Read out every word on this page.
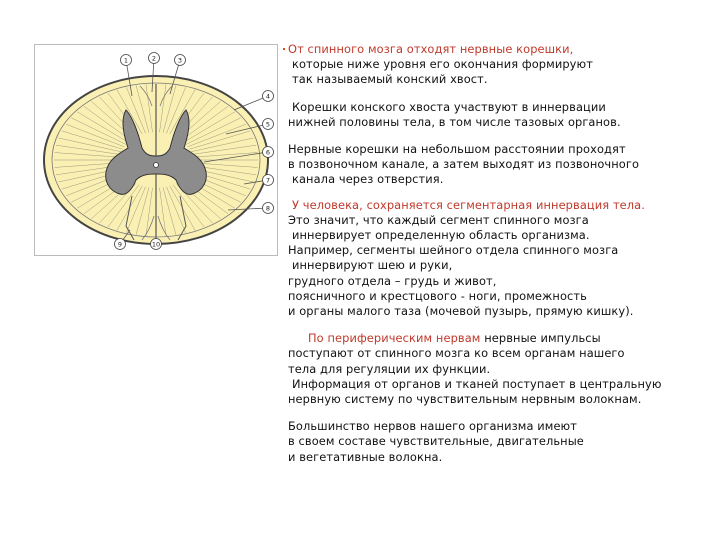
1	2	3
4
5
6
7
8
9	10
От спинного мозга отходят нервные корешки,
которые ниже уровня его окончания формируют
так называемый конский хвост.
Корешки конского хвоста участвуют в иннервации
нижней половины тела, в том числе тазовых органов.
Нервные корешки на небольшом расстоянии проходят
в позвоночном канале, а затем выходят из позвоночного
канала через отверстия.
У человека, сохраняется сегментарная иннервация тела.
Это значит, что каждый сегмент спинного мозга
иннервирует определенную область организма.
Например, сегменты шейного отдела спинного мозга
иннервируют шею и руки,
грудного отдела – грудь и живот,
поясничного и крестцового - ноги, промежность
и органы малого таза (мочевой пузырь, прямую кишку).
По периферическим нервам нервные импульсы
поступают от спинного мозга ко всем органам нашего
тела для регуляции их функции.
Информация от органов и тканей поступает в центральную
нервную систему по чувствительным нервным волокнам.
Большинство нервов нашего организма имеют
в своем составе чувствительные, двигательные
и вегетативные волокна.
